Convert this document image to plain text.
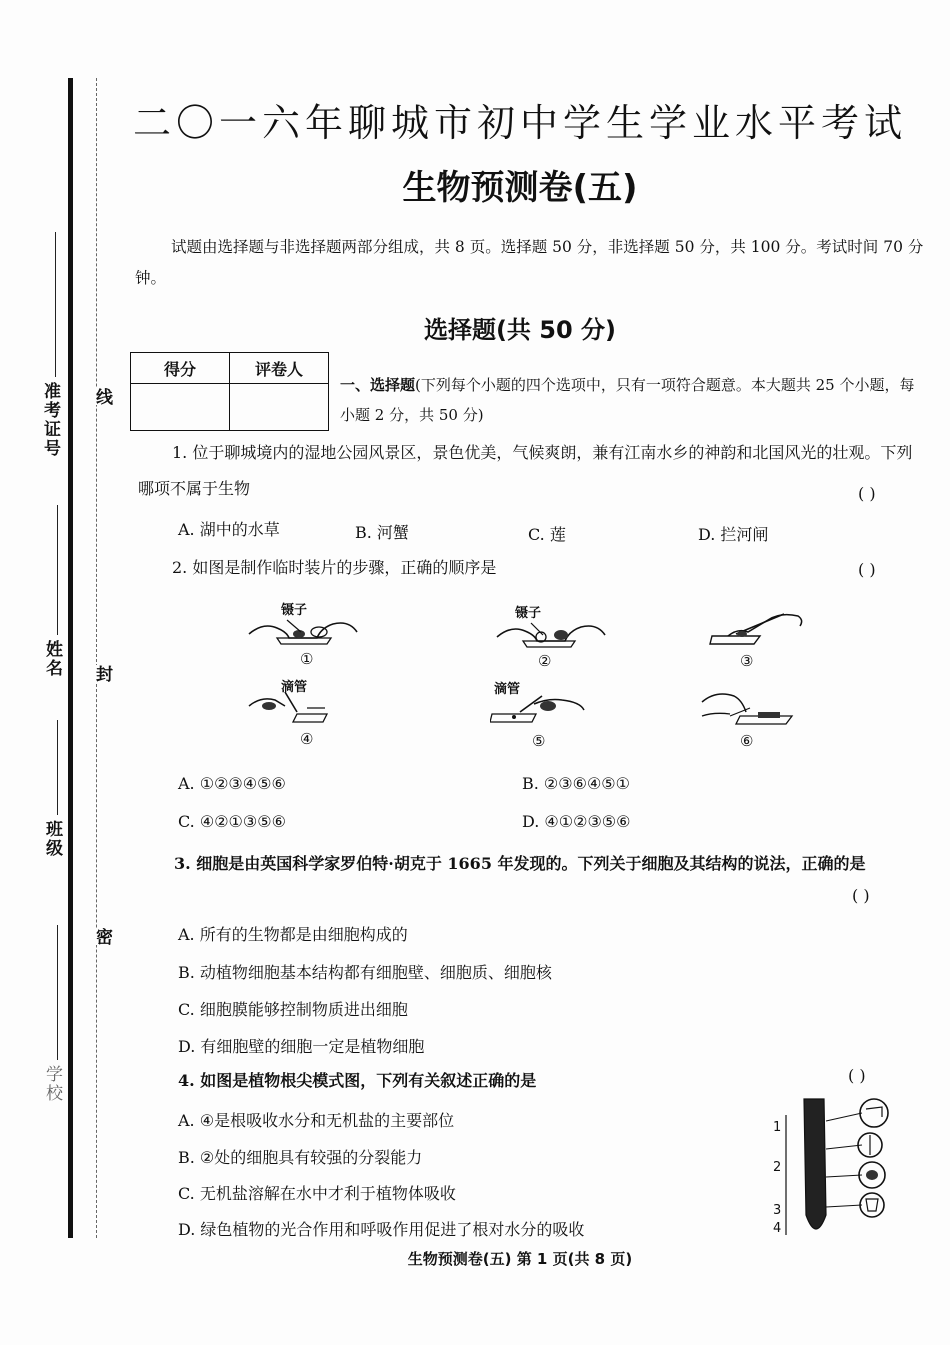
准考证号
姓名
班级
学校
线
封
密
二〇一六年聊城市初中学生学业水平考试
生物预测卷(五)
试题由选择题与非选择题两部分组成，共 8 页。选择题 50 分，非选择题 50 分，共 100 分。考试时间 70 分钟。
选择题(共 50 分)
得分	评卷人

一、选择题(下列每个小题的四个选项中，只有一项符合题意。本大题共 25 个小题，每小题 2 分，共 50 分)
1. 位于聊城境内的湿地公园风景区，景色优美，气候爽朗，兼有江南水乡的神韵和北国风光的壮观。下列哪项不属于生物	( )
A. 湖中的水草	B. 河蟹	C. 莲	D. 拦河闸
2. 如图是制作临时装片的步骤，正确的顺序是	( )
镊子	镊子
滴管	滴管
①	②	③
④	⑤	⑥
A. ①②③④⑤⑥	B. ②③⑥④⑤①
C. ④②①③⑤⑥	D. ④①②③⑤⑥
3. 细胞是由英国科学家罗伯特·胡克于 1665 年发现的。下列关于细胞及其结构的说法，正确的是
( )
A. 所有的生物都是由细胞构成的
B. 动植物细胞基本结构都有细胞壁、细胞质、细胞核
C. 细胞膜能够控制物质进出细胞
D. 有细胞壁的细胞一定是植物细胞
4. 如图是植物根尖模式图，下列有关叙述正确的是	( )
A. ④是根吸收水分和无机盐的主要部位
B. ②处的细胞具有较强的分裂能力
C. 无机盐溶解在水中才利于植物体吸收
D. 绿色植物的光合作用和呼吸作用促进了根对水分的吸收
1
2
3
4
生物预测卷(五) 第 1 页(共 8 页)
